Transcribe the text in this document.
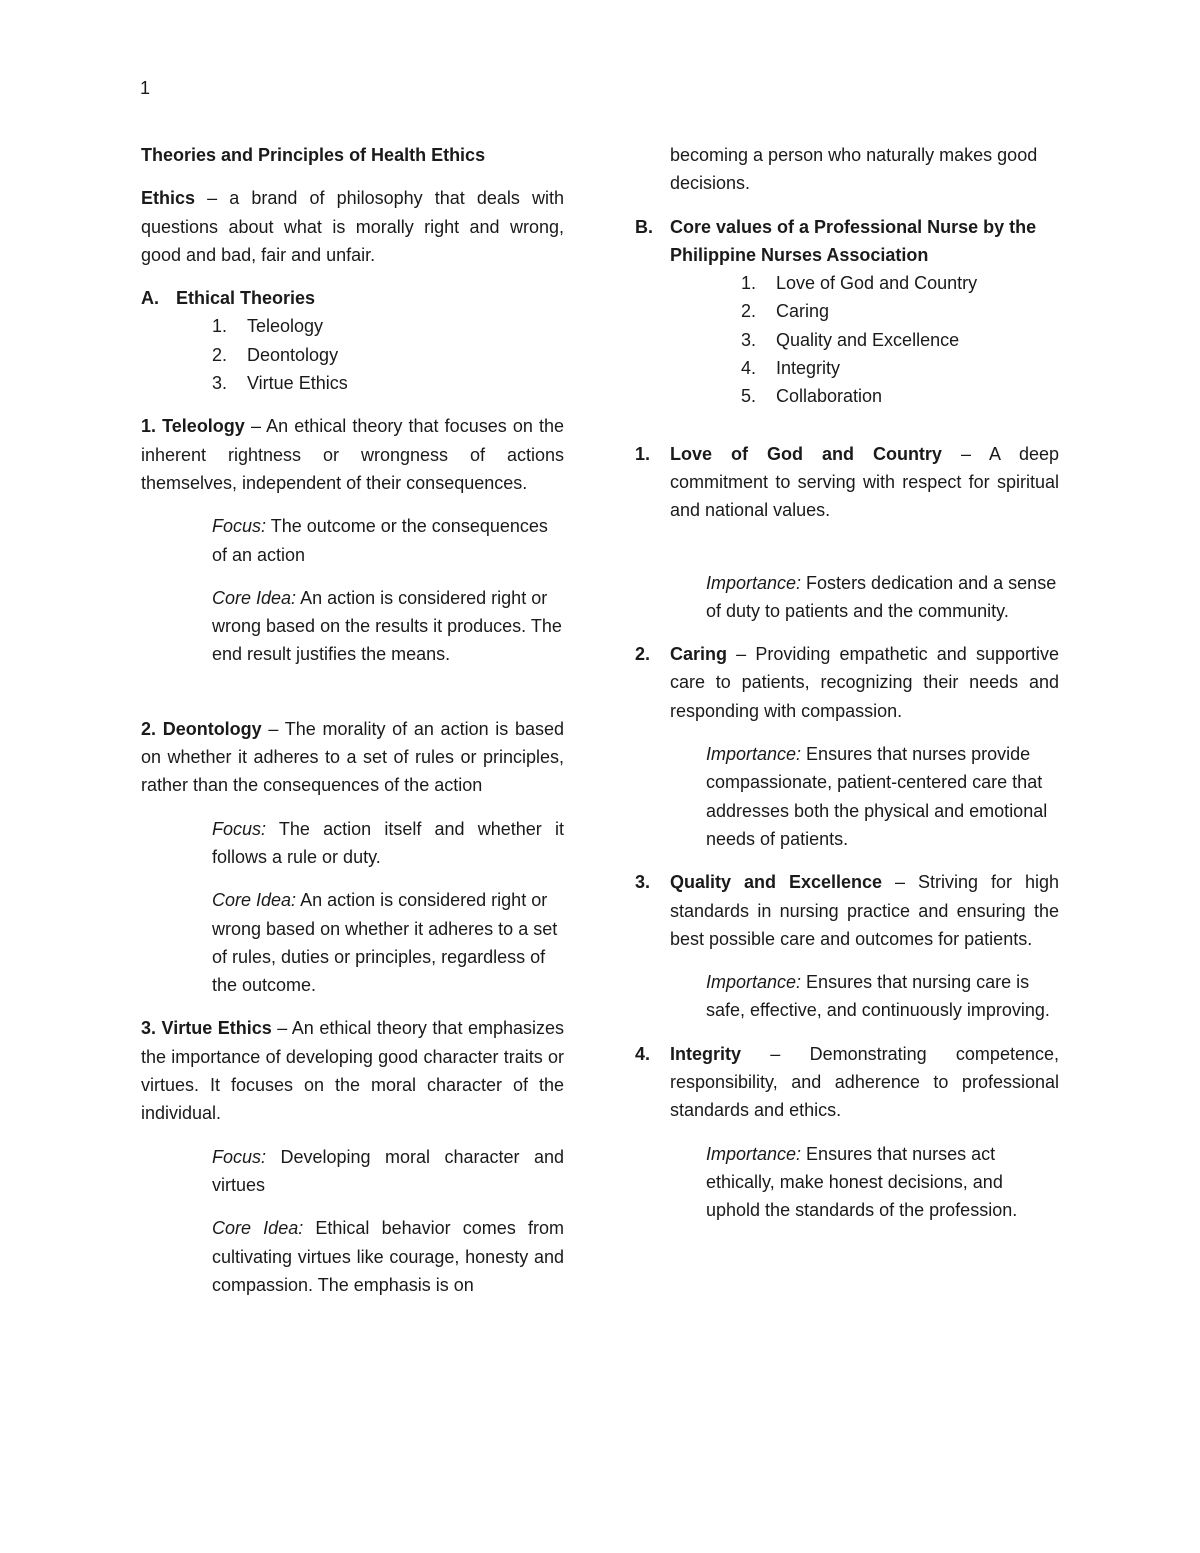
1

Theories and Principles of Health Ethics

Ethics – a brand of philosophy that deals with questions about what is morally right and wrong, good and bad, fair and unfair.

A. Ethical Theories
1.	Teleology
2.	Deontology
3.	Virtue Ethics

1. Teleology – An ethical theory that focuses on the inherent rightness or wrongness of actions themselves, independent of their consequences.

Focus: The outcome or the consequences of an action

Core Idea: An action is considered right or wrong based on the results it produces. The end result justifies the means.

2. Deontology – The morality of an action is based on whether it adheres to a set of rules or principles, rather than the consequences of the action

Focus: The action itself and whether it follows a rule or duty.

Core Idea: An action is considered right or wrong based on whether it adheres to a set of rules, duties or principles, regardless of the outcome.

3. Virtue Ethics – An ethical theory that emphasizes the importance of developing good character traits or virtues. It focuses on the moral character of the individual.

Focus: Developing moral character and virtues

Core Idea: Ethical behavior comes from cultivating virtues like courage, honesty and compassion. The emphasis is on

becoming a person who naturally makes good decisions.

B. Core values of a Professional Nurse by the Philippine Nurses Association
1.	Love of God and Country
2.	Caring
3.	Quality and Excellence
4.	Integrity
5.	Collaboration
1.	Love of God and Country – A deep commitment to serving with respect for spiritual and national values.

Importance: Fosters dedication and a sense of duty to patients and the community.

2.	Caring – Providing empathetic and supportive care to patients, recognizing their needs and responding with compassion.

Importance: Ensures that nurses provide compassionate, patient-centered care that addresses both the physical and emotional needs of patients.

3.	Quality and Excellence – Striving for high standards in nursing practice and ensuring the best possible care and outcomes for patients.

Importance: Ensures that nursing care is safe, effective, and continuously improving.

4.	Integrity – Demonstrating competence, responsibility, and adherence to professional standards and ethics.

Importance: Ensures that nurses act ethically, make honest decisions, and uphold the standards of the profession.
